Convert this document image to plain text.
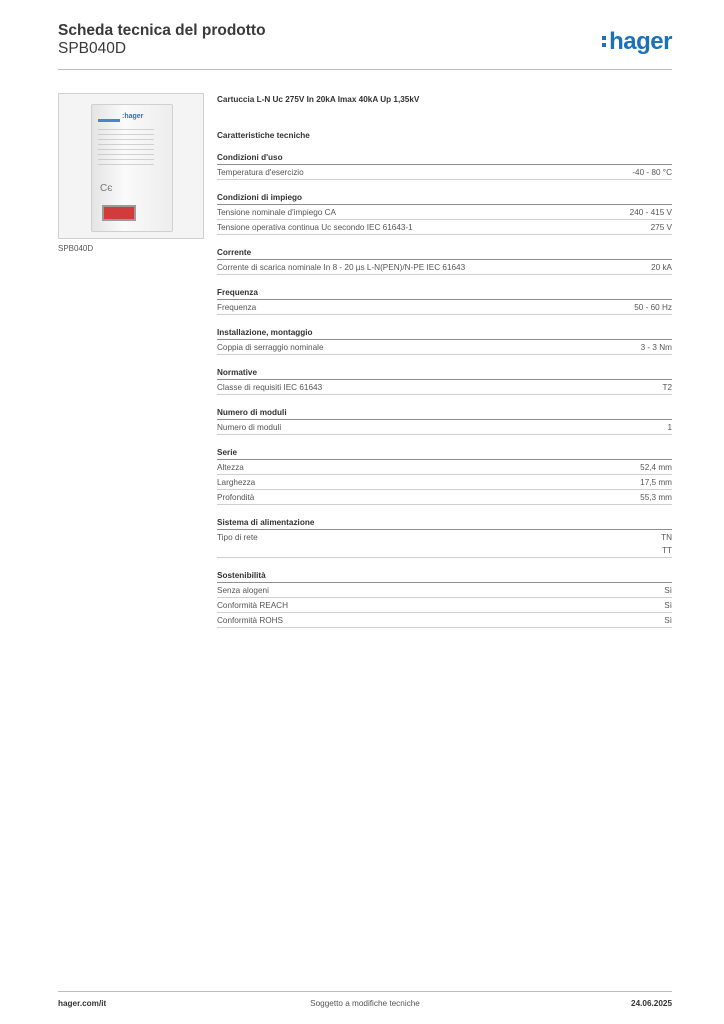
Scheda tecnica del prodotto

SPB040D	hager
:hager
Cє
SPB040D

Cartuccia L-N Uc 275V In 20kA Imax 40kA Up 1,35kV

Caratteristiche tecniche

Condizioni d'uso
Temperatura d'esercizio	-40 - 80 °C
Condizioni di impiego
Tensione nominale d'impiego CA	240 - 415 V
Tensione operativa continua Uc secondo IEC 61643-1	275 V
Corrente
Corrente di scarica nominale In 8 - 20 µs L-N(PEN)/N-PE IEC 61643	20 kA
Frequenza
Frequenza	50 - 60 Hz
Installazione, montaggio
Coppia di serraggio nominale	3 - 3 Nm
Normative
Classe di requisiti IEC 61643	T2
Numero di moduli
Numero di moduli	1
Serie
Altezza	52,4 mm
Larghezza	17,5 mm
Profondità	55,3 mm
Sistema di alimentazione
Tipo di rete	TN
TT
Sostenibilità
Senza alogeni	Sì
Conformità REACH	Sì
Conformità ROHS	Sì
hager.com/it	Soggetto a modifiche tecniche	24.06.2025
